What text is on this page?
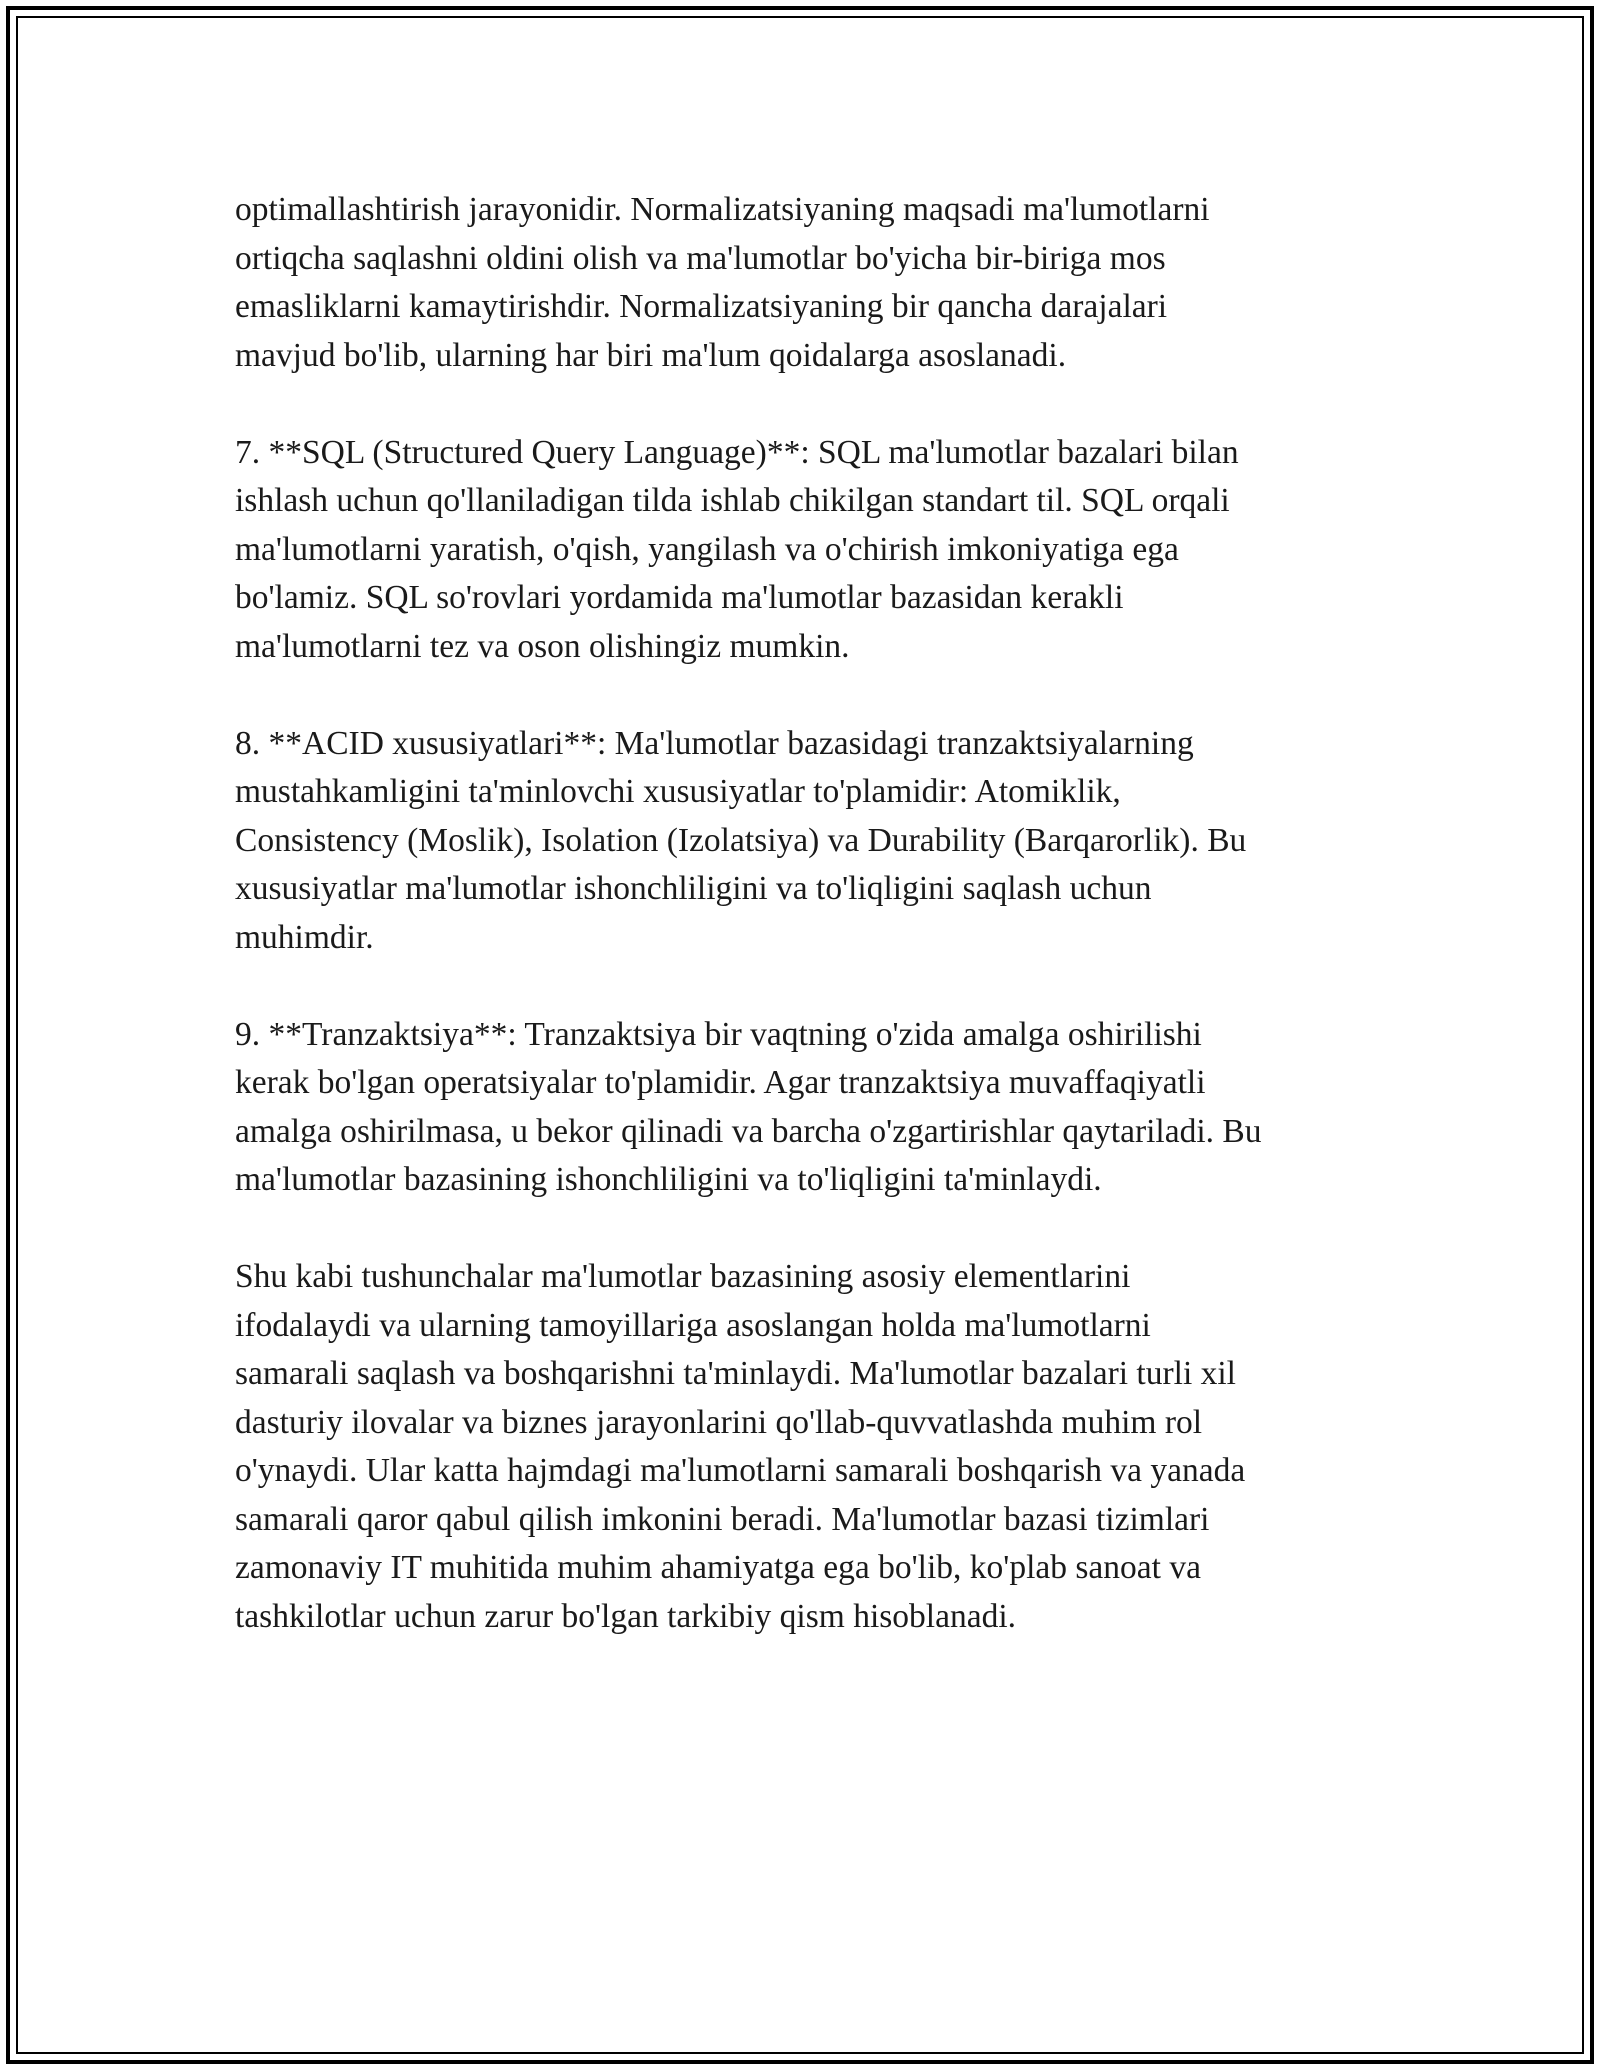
optimallashtirish jarayonidir. Normalizatsiyaning maqsadi ma'lumotlarni
ortiqcha saqlashni oldini olish va ma'lumotlar bo'yicha bir-biriga mos
emasliklarni kamaytirishdir. Normalizatsiyaning bir qancha darajalari
mavjud bo'lib, ularning har biri ma'lum qoidalarga asoslanadi.

7. **SQL (Structured Query Language)**: SQL ma'lumotlar bazalari bilan
ishlash uchun qo'llaniladigan tilda ishlab chikilgan standart til. SQL orqali
ma'lumotlarni yaratish, o'qish, yangilash va o'chirish imkoniyatiga ega
bo'lamiz. SQL so'rovlari yordamida ma'lumotlar bazasidan kerakli
ma'lumotlarni tez va oson olishingiz mumkin.

8. **ACID xususiyatlari**: Ma'lumotlar bazasidagi tranzaktsiyalarning
mustahkamligini ta'minlovchi xususiyatlar to'plamidir: Atomiklik,
Consistency (Moslik), Isolation (Izolatsiya) va Durability (Barqarorlik). Bu
xususiyatlar ma'lumotlar ishonchliligini va to'liqligini saqlash uchun
muhimdir.

9. **Tranzaktsiya**: Tranzaktsiya bir vaqtning o'zida amalga oshirilishi
kerak bo'lgan operatsiyalar to'plamidir. Agar tranzaktsiya muvaffaqiyatli
amalga oshirilmasa, u bekor qilinadi va barcha o'zgartirishlar qaytariladi. Bu
ma'lumotlar bazasining ishonchliligini va to'liqligini ta'minlaydi.

Shu kabi tushunchalar ma'lumotlar bazasining asosiy elementlarini
ifodalaydi va ularning tamoyillariga asoslangan holda ma'lumotlarni
samarali saqlash va boshqarishni ta'minlaydi. Ma'lumotlar bazalari turli xil
dasturiy ilovalar va biznes jarayonlarini qo'llab-quvvatlashda muhim rol
o'ynaydi. Ular katta hajmdagi ma'lumotlarni samarali boshqarish va yanada
samarali qaror qabul qilish imkonini beradi. Ma'lumotlar bazasi tizimlari
zamonaviy IT muhitida muhim ahamiyatga ega bo'lib, ko'plab sanoat va
tashkilotlar uchun zarur bo'lgan tarkibiy qism hisoblanadi.
